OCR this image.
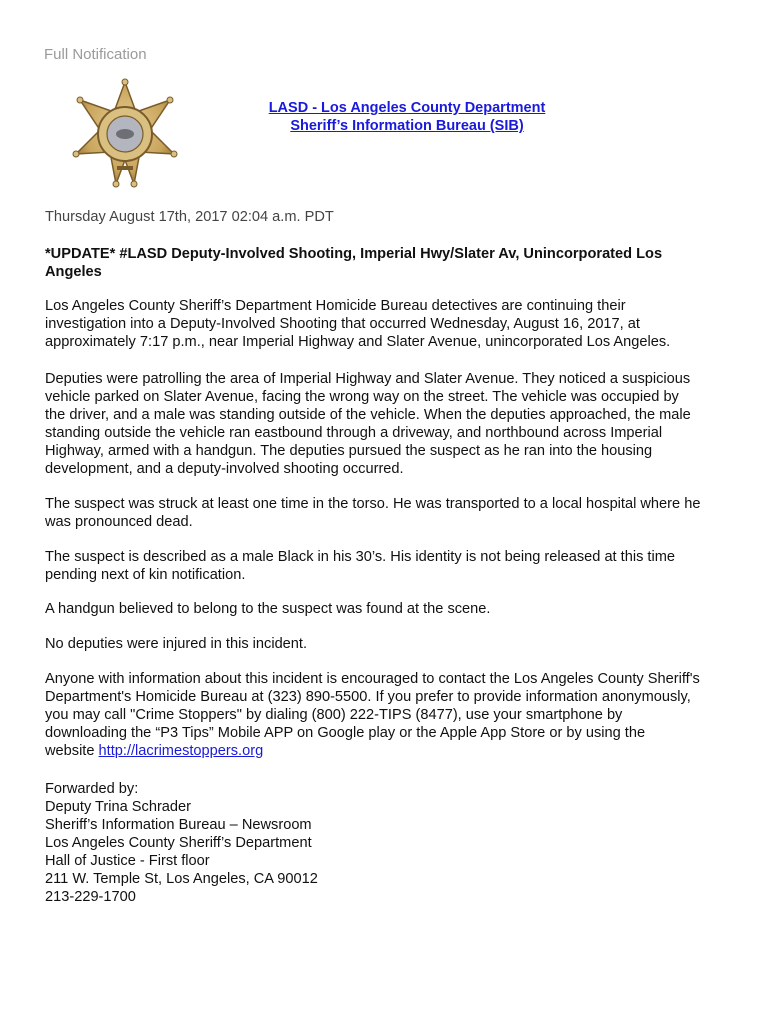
Full Notification
LASD - Los Angeles County Department
Sheriff’s Information Bureau (SIB)
Thursday August 17th, 2017 02:04 a.m. PDT
*UPDATE* #LASD Deputy-Involved Shooting, Imperial Hwy/Slater Av, Unincorporated Los
Angeles
Los Angeles County Sheriff’s Department Homicide Bureau detectives are continuing their
investigation into a Deputy-Involved Shooting that occurred Wednesday, August 16, 2017, at
approximately 7:17 p.m., near Imperial Highway and Slater Avenue, unincorporated Los Angeles.
Deputies were patrolling the area of Imperial Highway and Slater Avenue. They noticed a suspicious
vehicle parked on Slater Avenue, facing the wrong way on the street. The vehicle was occupied by
the driver, and a male was standing outside of the vehicle. When the deputies approached, the male
standing outside the vehicle ran eastbound through a driveway, and northbound across Imperial
Highway, armed with a handgun. The deputies pursued the suspect as he ran into the housing
development, and a deputy-involved shooting occurred.
The suspect was struck at least one time in the torso. He was transported to a local hospital where he
was pronounced dead.
The suspect is described as a male Black in his 30’s. His identity is not being released at this time
pending next of kin notification.
A handgun believed to belong to the suspect was found at the scene.
No deputies were injured in this incident.
Anyone with information about this incident is encouraged to contact the Los Angeles County Sheriff's
Department's Homicide Bureau at (323) 890-5500. If you prefer to provide information anonymously,
you may call "Crime Stoppers" by dialing (800) 222-TIPS (8477), use your smartphone by
downloading the “P3 Tips” Mobile APP on Google play or the Apple App Store or by using the
website http://lacrimestoppers.org
Forwarded by:
Deputy Trina Schrader
Sheriff’s Information Bureau – Newsroom
Los Angeles County Sheriff’s Department
Hall of Justice - First floor
211 W. Temple St, Los Angeles, CA 90012
213-229-1700
